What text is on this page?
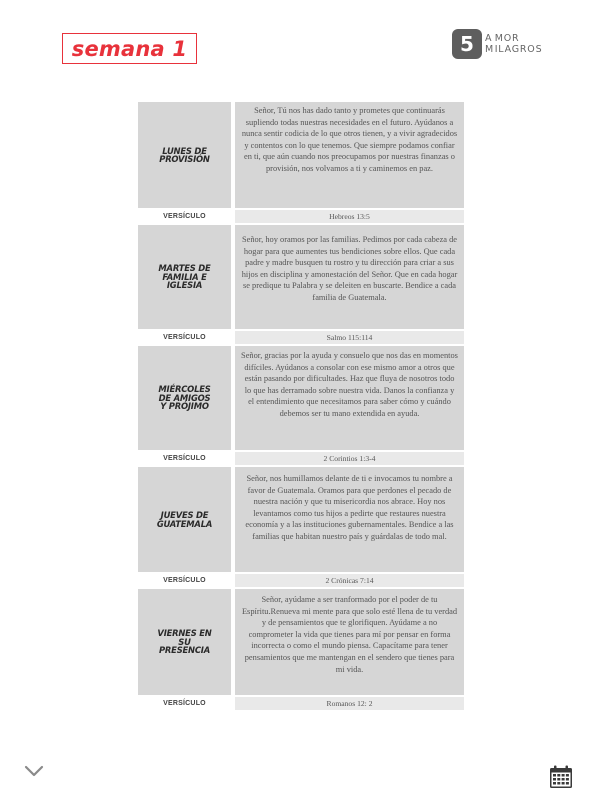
semana 1	5 A
M
MOR
ILAGROS
LUNES DE PROVISIÓN
Señor, Tú nos has dado tanto y prometes que continuarás supliendo todas nuestras necesidades en el futuro. Ayúdanos a nunca sentir codicia de lo que otros tienen, y a vivir agradecidos y contentos con lo que tenemos. Que siempre podamos confiar en ti, que aún cuando nos preocupamos por nuestras finanzas o provisión, nos volvamos a ti y caminemos en paz.
VERSÍCULO	Hebreos 13:5
MARTES DE FAMILIA E IGLESIA
Señor, hoy oramos por las familias. Pedimos por cada cabeza de hogar para que aumentes tus bendiciones sobre ellos. Que cada padre y madre busquen tu rostro y tu dirección para criar a sus hijos en disciplina y amonestación del Señor. Que en cada hogar se predique tu Palabra y se deleiten en buscarte. Bendice a cada familia de Guatemala.
VERSÍCULO	Salmo 115:114
MIÉRCOLES DE AMIGOS Y PRÓJIMO
Señor, gracias por la ayuda y consuelo que nos das en momentos difíciles. Ayúdanos a consolar con ese mismo amor a otros que están pasando por dificultades. Haz que fluya de nosotros todo lo que has derramado sobre nuestra vida. Danos la confianza y el entendimiento que necesitamos para saber cómo y cuándo debemos ser tu mano extendida en ayuda.
VERSÍCULO	2 Corintios 1:3-4
JUEVES DE GUATEMALA
Señor, nos humillamos delante de ti e invocamos tu nombre a favor de Guatemala. Oramos para que perdones el pecado de nuestra nación y que tu misericordia nos abrace. Hoy nos levantamos como tus hijos a pedirte que restaures nuestra economía y a las instituciones gubernamentales. Bendice a las familias que habitan nuestro país y guárdalas de todo mal.
VERSÍCULO	2 Crónicas 7:14
VIERNES EN SU PRESENCIA
Señor, ayúdame a ser tranformado por el poder de tu Espíritu.Renueva mi mente para que solo esté llena de tu verdad y de pensamientos que te glorifiquen. Ayúdame a no comprometer la vida que tienes para mí por pensar en forma incorrecta o como el mundo piensa. Capacítame para tener pensamientos que me mantengan en el sendero que tienes para mi vida.
VERSÍCULO	Romanos 12: 2
